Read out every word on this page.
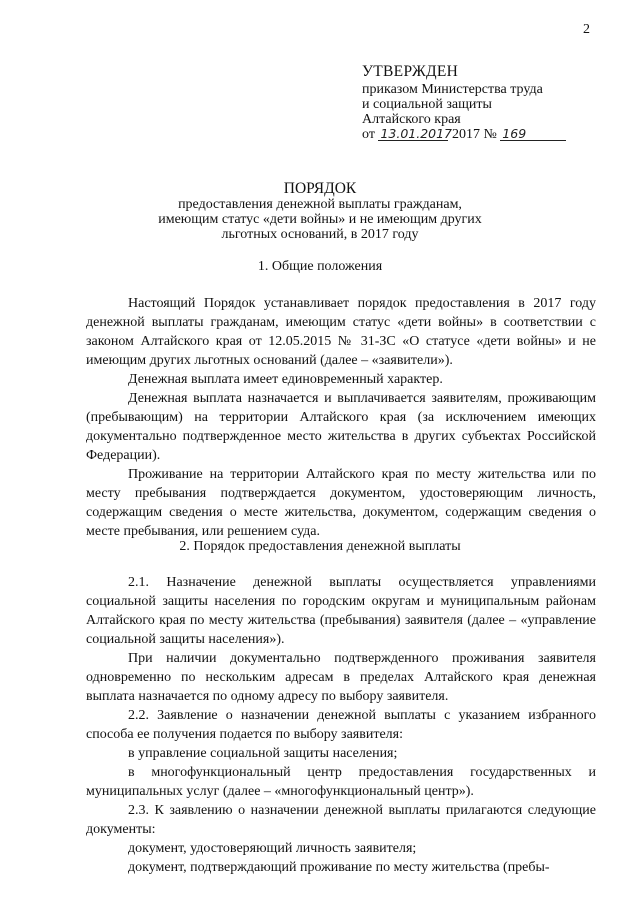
2
УТВЕРЖДЕН
приказом Министерства труда
и социальной защиты
Алтайского края
от 13.01.2017 2017 № 169
ПОРЯДОК
предоставления денежной выплаты гражданам,
имеющим статус «дети войны» и не имеющим других
льготных оснований, в 2017 году
1. Общие положения

Настоящий Порядок устанавливает порядок предоставления в 2017 году денежной выплаты гражданам, имеющим статус «дети войны» в соответствии с законом Алтайского края от 12.05.2015 № 31-ЗС «О статусе «дети войны» и не имеющим других льготных оснований (далее – «заявители»).

Денежная выплата имеет единовременный характер.

Денежная выплата назначается и выплачивается заявителям, проживающим (пребывающим) на территории Алтайского края (за исключением имеющих документально подтвержденное место жительства в других субъектах Российской Федерации).

Проживание на территории Алтайского края по месту жительства или по месту пребывания подтверждается документом, удостоверяющим личность, содержащим сведения о месте жительства, документом, содержащим сведения о месте пребывания, или решением суда.

2. Порядок предоставления денежной выплаты

2.1. Назначение денежной выплаты осуществляется управлениями социальной защиты населения по городским округам и муниципальным районам Алтайского края по месту жительства (пребывания) заявителя (далее – «управление социальной защиты населения»).

При наличии документально подтвержденного проживания заявителя одновременно по нескольким адресам в пределах Алтайского края денежная выплата назначается по одному адресу по выбору заявителя.

2.2. Заявление о назначении денежной выплаты с указанием избранного способа ее получения подается по выбору заявителя:

в управление социальной защиты населения;

в многофункциональный центр предоставления государственных и муниципальных услуг (далее – «многофункциональный центр»).

2.3. К заявлению о назначении денежной выплаты прилагаются следующие документы:

документ, удостоверяющий личность заявителя;

документ, подтверждающий проживание по месту жительства (пребы-
